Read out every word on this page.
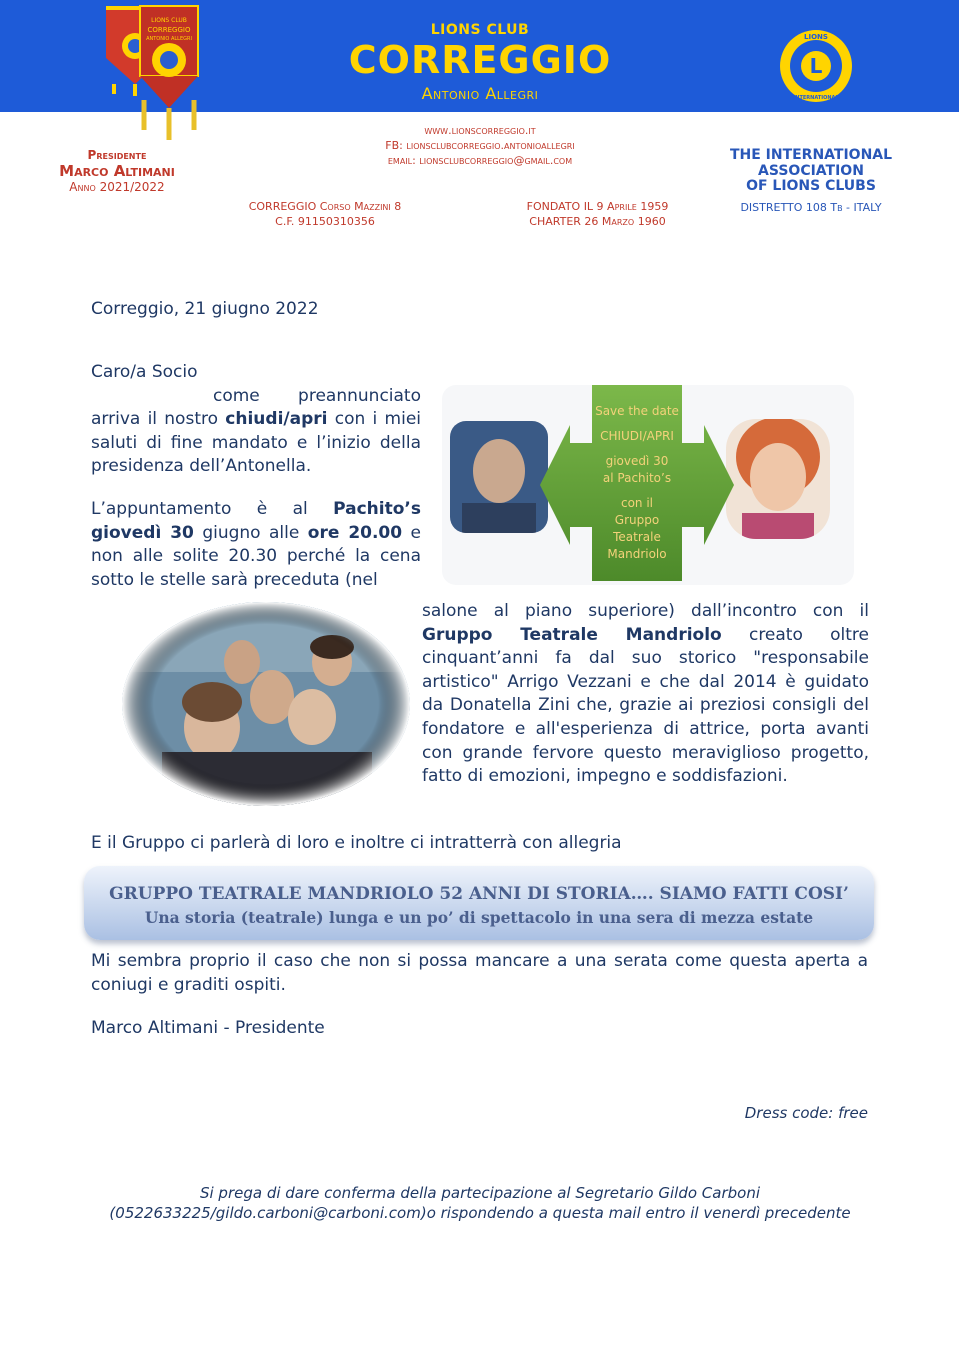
LIONS CLUB
CORREGGIO
ANTONIO ALLEGRI
LIONS CLUB
CORREGGIO
Antonio Allegri
L
LIONS
INTERNATIONAL
Presidente
Marco Altimani
Anno 2021/2022
www.lionscorreggio.it
FB: lionsclubcorreggio.antonioallegri
email: lionsclubcorreggio@gmail.com	THE INTERNATIONAL
ASSOCIATION
OF LIONS CLUBS
CORREGGIO Corso Mazzini 8
C.F. 91150310356
FONDATO IL 9 Aprile 1959
CHARTER 26 Marzo 1960
DISTRETTO 108 Tb - ITALY
Correggio, 21 giugno 2022
Caro/a Socio
come preannunciato arriva il nostro chiudi/apri con i miei saluti di fine mandato e l’inizio della presidenza dell’Antonella.
L’appuntamento è al Pachito’s giovedì 30 giugno alle ore 20.00 e non alle solite 20.30 perché la cena sotto le stelle sarà preceduta (nel
Save the date
CHIUDI/APRI
giovedì 30
al Pachito’s
con il
Gruppo
Teatrale
Mandriolo
salone al piano superiore) dall’incontro con il Gruppo Teatrale Mandriolo creato oltre cinquant’anni fa dal suo storico "responsabile artistico" Arrigo Vezzani e che dal 2014 è guidato da Donatella Zini che, grazie ai preziosi consigli del fondatore e all'esperienza di attrice, porta avanti con grande fervore questo meraviglioso progetto, fatto di emozioni, impegno e soddisfazioni.
E il Gruppo ci parlerà di loro e inoltre ci intratterrà con allegria
GRUPPO TEATRALE MANDRIOLO 52 ANNI DI STORIA…. SIAMO FATTI COSI’
Una storia (teatrale) lunga e un po’ di spettacolo in una sera di mezza estate
Mi sembra proprio il caso che non si possa mancare a una serata come questa aperta a coniugi e graditi ospiti.
Marco Altimani - Presidente
Dress code: free
Si prega di dare conferma della partecipazione al Segretario Gildo Carboni
(0522633225/gildo.carboni@carboni.com)o rispondendo a questa mail entro il venerdì precedente
